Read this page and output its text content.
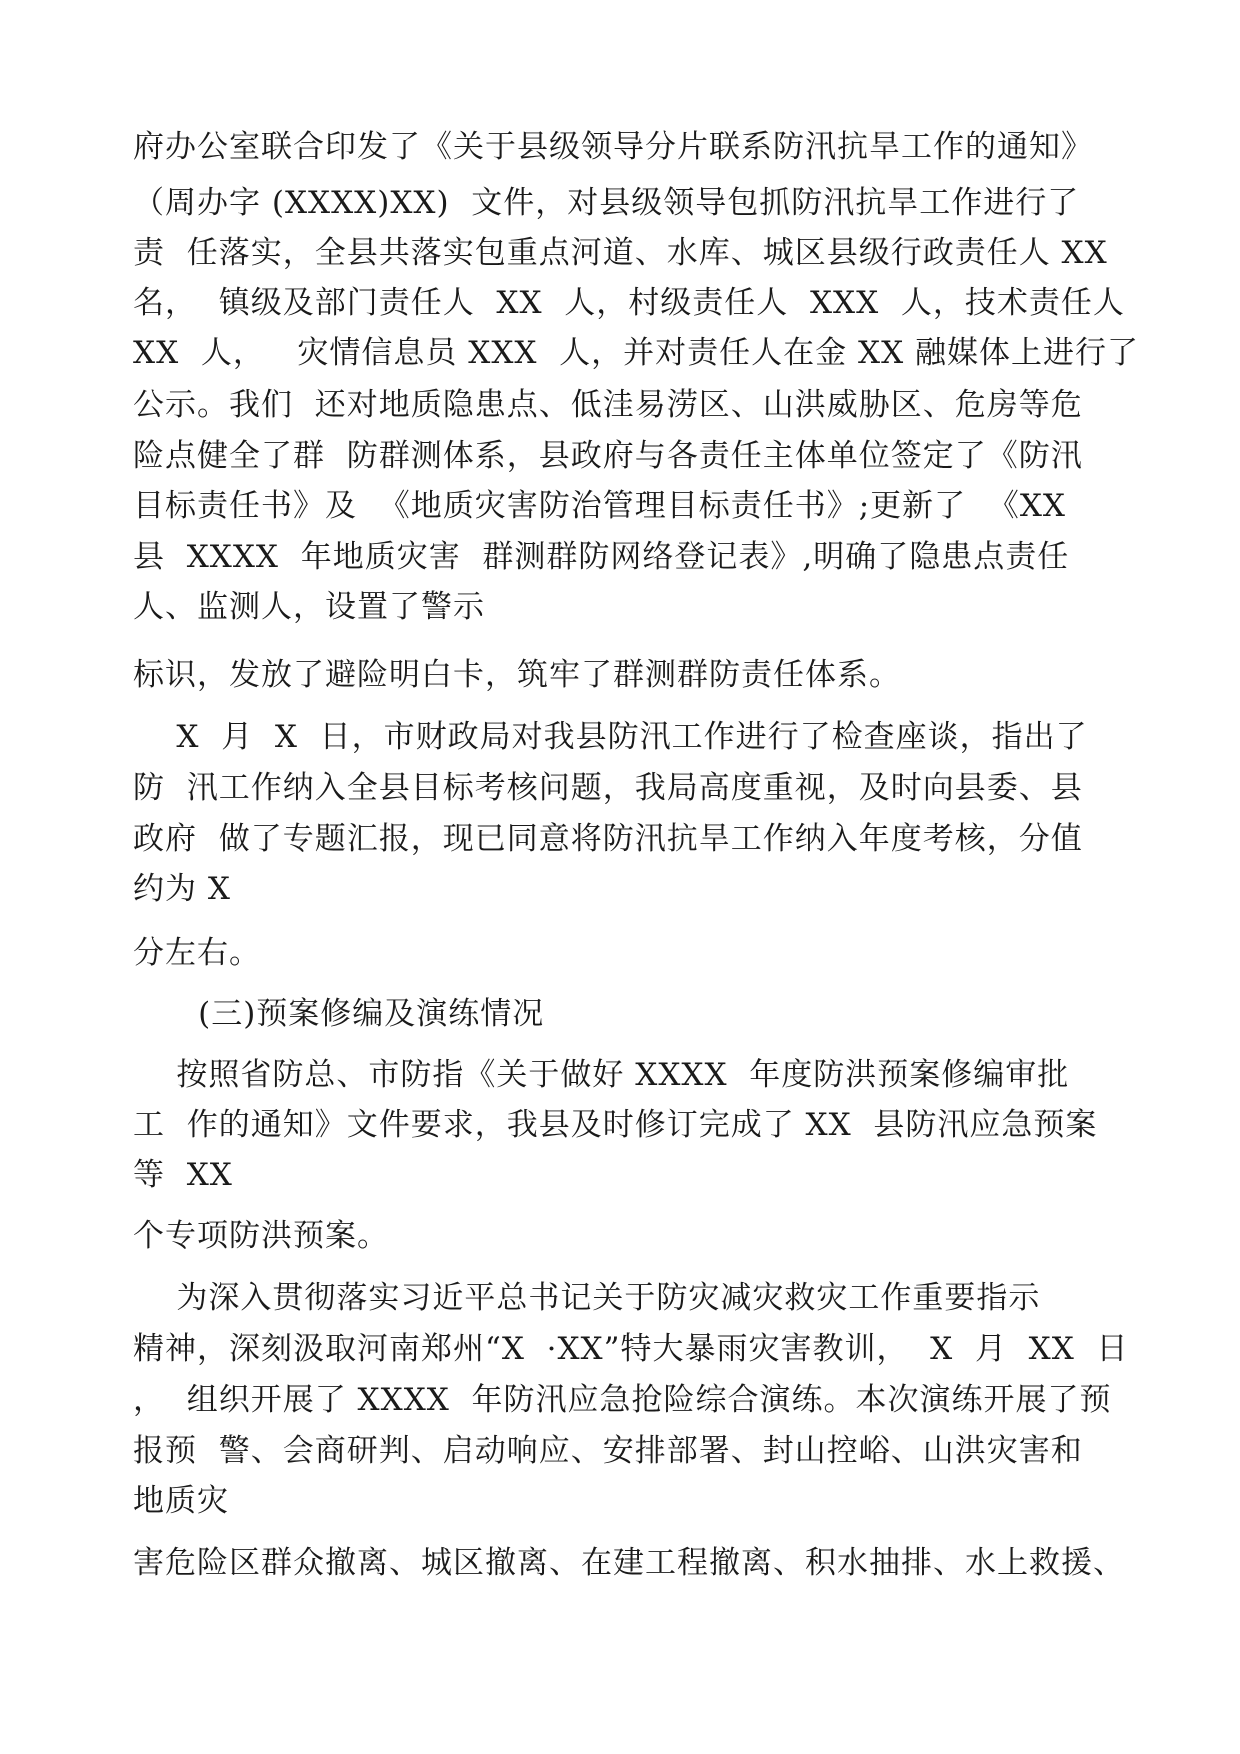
府办公室联合印发了《关于县级领导分片联系防汛抗旱工作的通知》
（周办字 (XXXX)XX)  文件，对县级领导包抓防汛抗旱工作进行了
责  任落实，全县共落实包重点河道、水库、城区县级行政责任人 XX
名，  镇级及部门责任人  XX  人，村级责任人  XXX  人，技术责任人
XX  人，   灾情信息员 XXX  人，并对责任人在金 XX 融媒体上进行了
公示。我们  还对地质隐患点、低洼易涝区、山洪威胁区、危房等危
险点健全了群  防群测体系，县政府与各责任主体单位签定了《防汛
目标责任书》及  《地质灾害防治管理目标责任书》;更新了  《XX
县  XXXX  年地质灾害  群测群防网络登记表》,明确了隐患点责任
人、监测人，设置了警示
标识，发放了避险明白卡，筑牢了群测群防责任体系。
X  月  X  日，市财政局对我县防汛工作进行了检查座谈，指出了
防  汛工作纳入全县目标考核问题，我局高度重视，及时向县委、县
政府  做了专题汇报，现已同意将防汛抗旱工作纳入年度考核，分值
约为 X
分左右。
(三)预案修编及演练情况
按照省防总、市防指《关于做好 XXXX  年度防洪预案修编审批
工  作的通知》文件要求，我县及时修订完成了 XX  县防汛应急预案
等  XX
个专项防洪预案。
为深入贯彻落实习近平总书记关于防灾减灾救灾工作重要指示
精神，深刻汲取河南郑州“X  ·XX”特大暴雨灾害教训，  X  月  XX  日
，  组织开展了 XXXX  年防汛应急抢险综合演练。本次演练开展了预
报预  警、会商研判、启动响应、安排部署、封山控峪、山洪灾害和
地质灾
害危险区群众撤离、城区撤离、在建工程撤离、积水抽排、水上救援、
